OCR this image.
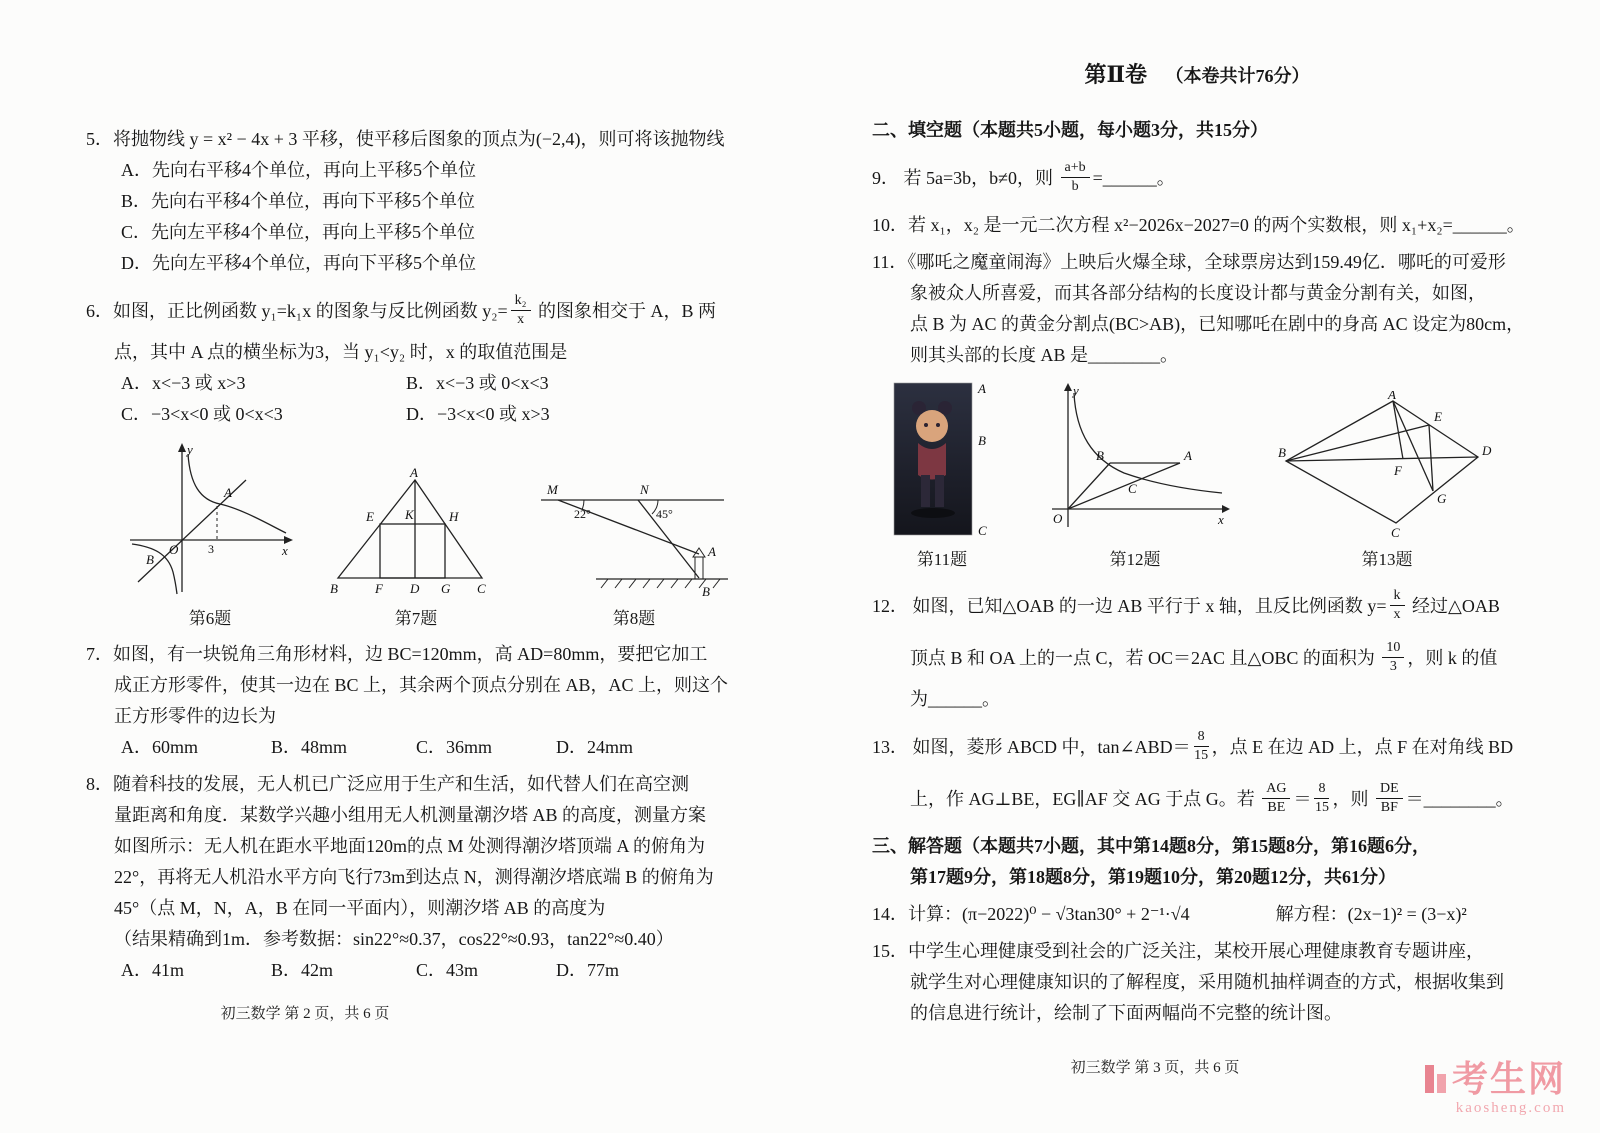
5．将抛物线 y = x² − 4x + 3 平移，使平移后图象的顶点为(−2,4)，则可将该抛物线
A．先向右平移4个单位，再向上平移5个单位
B．先向右平移4个单位，再向下平移5个单位
C．先向左平移4个单位，再向上平移5个单位
D．先向左平移4个单位，再向下平移5个单位
6．如图，正比例函数 y₁=k₁x 的图象与反比例函数 $y_2= \frac{\text{k₂}}{x}$ 的图象相交于 A，B 两
点，其中 A 点的横坐标为3，当 y₁<y₂ 时，x 的取值范围是
A．x<−3 或 x>3	B．x<−3 或 0<x<3
C．−3<x<0 或 0<x<3	D．−3<x<0 或 x>3
y
x
O 3
A
B
第6题
A
E K	H
B	F D G C
第7题
M	N
22°	45°
A
B
第8题
7．如图，有一块锐角三角形材料，边 BC=120mm，高 AD=80mm，要把它加工
成正方形零件，使其一边在 BC 上，其余两个顶点分别在 AB，AC 上，则这个
正方形零件的边长为
A．60mm	B．48mm	C．36mm	D．24mm
8．随着科技的发展，无人机已广泛应用于生产和生活，如代替人们在高空测
量距离和角度．某数学兴趣小组用无人机测量潮汐塔 AB 的高度，测量方案
如图所示：无人机在距水平地面120m的点 M 处测得潮汐塔顶端 A 的俯角为
22°，再将无人机沿水平方向飞行73m到达点 N，测得潮汐塔底端 B 的俯角为
45°（点 M，N，A，B 在同一平面内），则潮汐塔 AB 的高度为
（结果精确到1m．参考数据：sin22°≈0.37，cos22°≈0.93，tan22°≈0.40）
A．41m	B．42m	C．43m	D．77m
第Ⅱ卷 （本卷共计76分）
二、填空题（本题共5小题，每小题3分，共15分）
9． 若 5a=3b，b≠0，则 $\frac{a+b}{b}$ =______。
10．若 x₁，x₂ 是一元二次方程 x²−2026x−2027=0 的两个实数根，则 x₁+x₂=______。
11．《哪吒之魔童闹海》上映后火爆全球，全球票房达到159.49亿．哪吒的可爱形
象被众人所喜爱，而其各部分结构的长度设计都与黄金分割有关，如图，
点 B 为 AC 的黄金分割点(BC>AB)，已知哪吒在剧中的身高 AC 设定为80cm，
则其头部的长度 AB 是________。
A
B
C
第11题
y
x
O
B	A
C
第12题
A
B
C
D
E
F
G
第13题
12． 如图，已知△OAB 的一边 AB 平行于 x 轴，且反比例函数 $y= \frac{k}{x}$ 经过△OAB
顶点 B 和 OA 上的一点 C，若 OC＝2AC 且△OBC 的面积为 $\frac{10}{3}$ ，则 k 的值
为______。
13． 如图，菱形 ABCD 中，tan∠ABD＝ $\frac{8}{15}$ ，点 E 在边 AD 上，点 F 在对角线 BD
上，作 AG⊥BE，EG∥AF 交 AG 于点 G。若 $\frac{AG}{BE} = \frac{8}{15}$ ，则 $\frac{DE}{BF}$ ＝________。
三、解答题（本题共7小题，其中第14题8分，第15题8分，第16题6分，
第17题9分，第18题8分，第19题10分，第20题12分，共61分）
14．计算：(π−2022)⁰ − √3tan30° + 2⁻¹·√4	解方程：(2x−1)² = (3−x)²
15．中学生心理健康受到社会的广泛关注，某校开展心理健康教育专题讲座，
就学生对心理健康知识的了解程度，采用随机抽样调查的方式，根据收集到
的信息进行统计，绘制了下面两幅尚不完整的统计图。
初三数学 第 2 页，共 6 页
初三数学 第 3 页，共 6 页	考生网
kaosheng.com
